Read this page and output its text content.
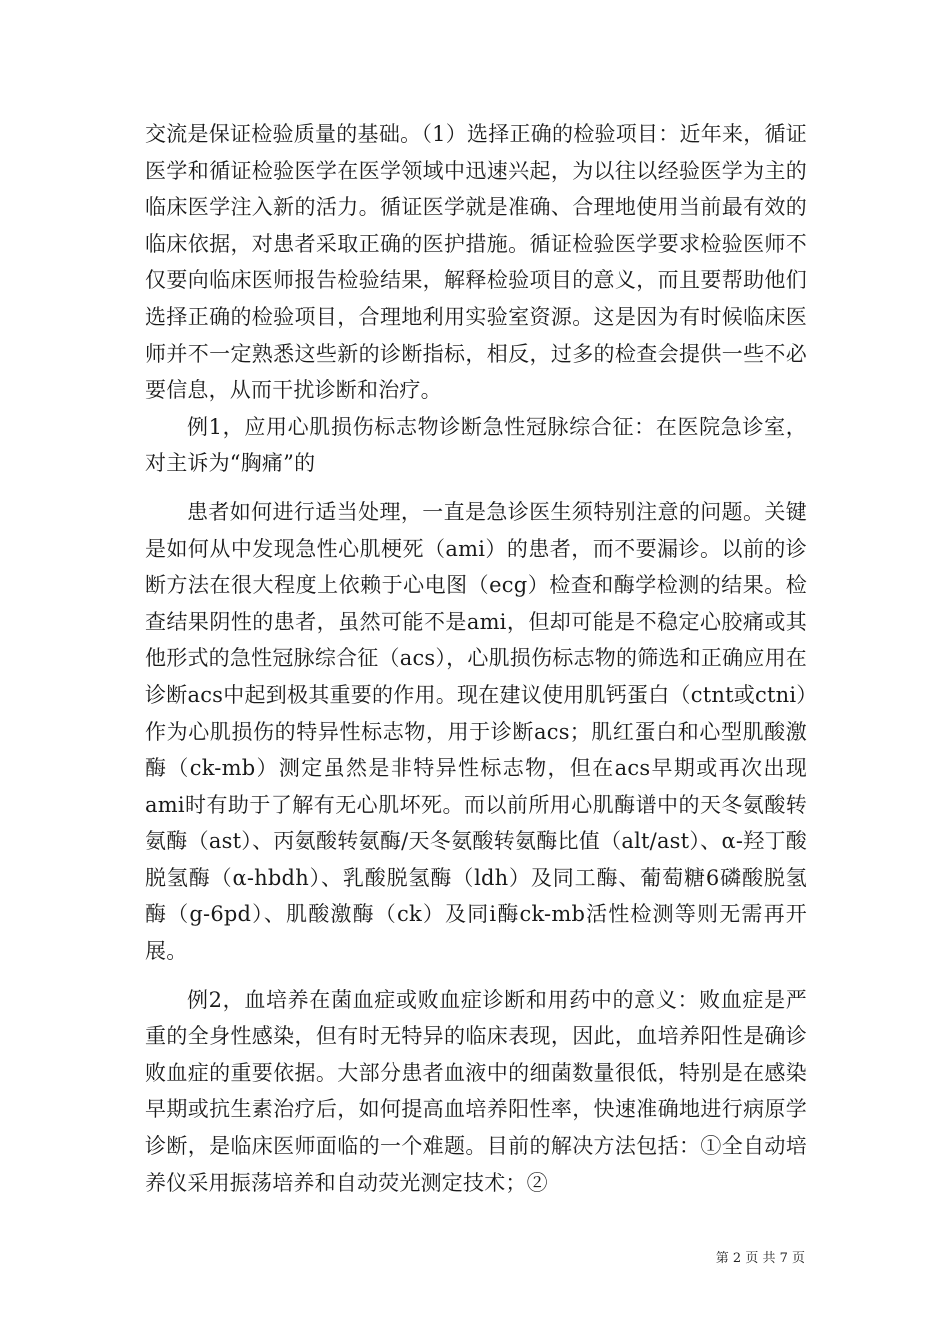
交流是保证检验质量的基础。（1）选择正确的检验项目：近年来，循证医学和循证检验医学在医学领域中迅速兴起，为以往以经验医学为主的临床医学注入新的活力。循证医学就是准确、合理地使用当前最有效的临床依据，对患者采取正确的医护措施。循证检验医学要求检验医师不仅要向临床医师报告检验结果，解释检验项目的意义，而且要帮助他们选择正确的检验项目，合理地利用实验室资源。这是因为有时候临床医师并不一定熟悉这些新的诊断指标，相反，过多的检查会提供一些不必要信息，从而干扰诊断和治疗。

例1，应用心肌损伤标志物诊断急性冠脉综合征：在医院急诊室，对主诉为“胸痛”的

患者如何进行适当处理，一直是急诊医生须特别注意的问题。关键是如何从中发现急性心肌梗死（ami）的患者，而不要漏诊。以前的诊断方法在很大程度上依赖于心电图（ecg）检查和酶学检测的结果。检查结果阴性的患者，虽然可能不是ami，但却可能是不稳定心胶痛或其他形式的急性冠脉综合征（acs），心肌损伤标志物的筛选和正确应用在诊断acs中起到极其重要的作用。现在建议使用肌钙蛋白（ctnt或ctni）作为心肌损伤的特异性标志物，用于诊断acs；肌红蛋白和心型肌酸激酶（ck-mb）测定虽然是非特异性标志物，但在acs早期或再次出现ami时有助于了解有无心肌坏死。而以前所用心肌酶谱中的天冬氨酸转氨酶（ast）、丙氨酸转氨酶/天冬氨酸转氨酶比值（alt/ast）、α-羟丁酸脱氢酶（α-hbdh）、乳酸脱氢酶（ldh）及同工酶、葡萄糖6磷酸脱氢酶（g-6pd）、肌酸激酶（ck）及同i酶ck-mb活性检测等则无需再开展。

例2，血培养在菌血症或败血症诊断和用药中的意义：败血症是严重的全身性感染，但有时无特异的临床表现，因此，血培养阳性是确诊败血症的重要依据。大部分患者血液中的细菌数量很低，特别是在感染早期或抗生素治疗后，如何提高血培养阳性率，快速准确地进行病原学诊断，是临床医师面临的一个难题。目前的解决方法包括：①全自动培养仪采用振荡培养和自动荧光测定技术；②

第 2 页 共 7 页
